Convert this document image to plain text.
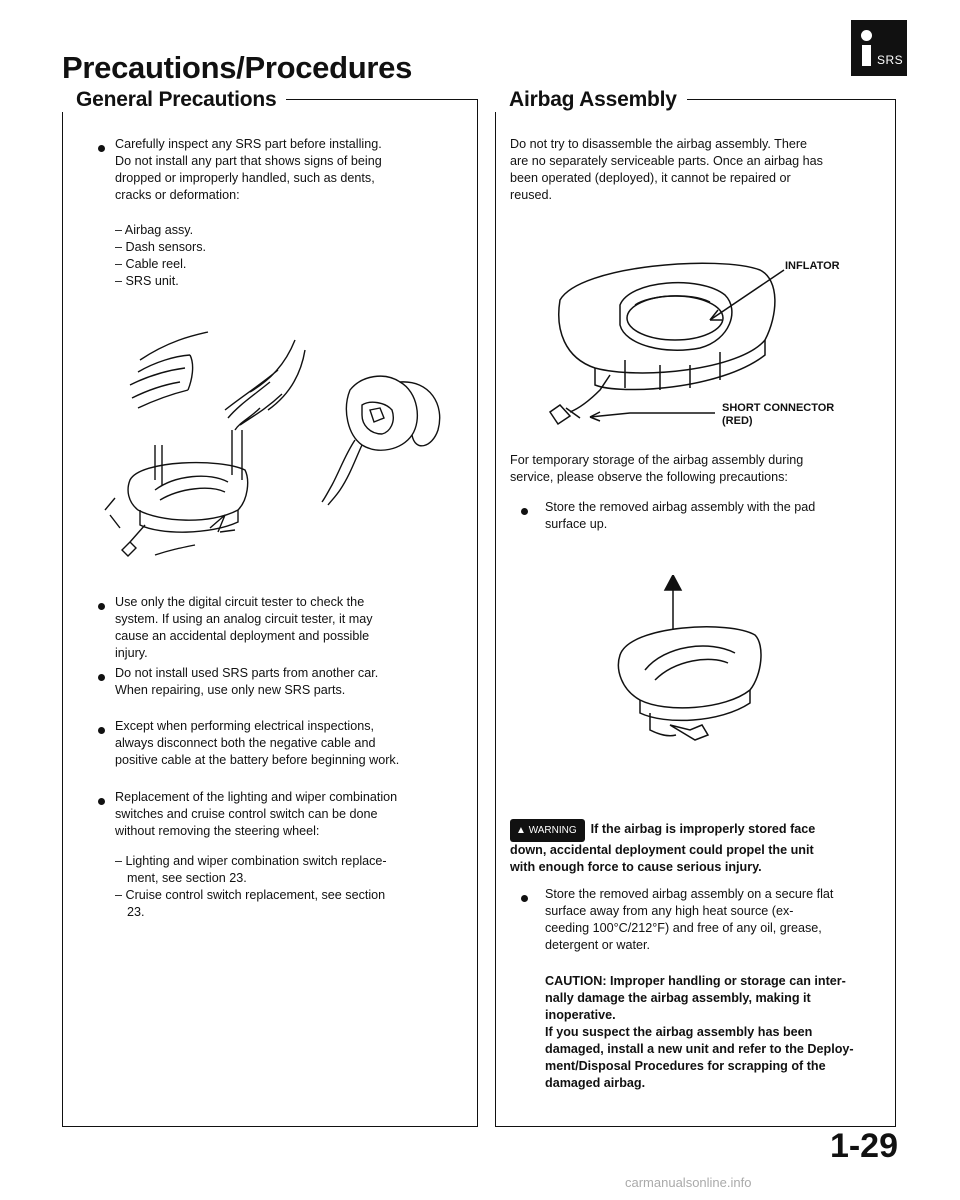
Precautions/Procedures	SRS
General Precautions	Airbag Assembly
Carefully inspect any SRS part before installing.
Do not install any part that shows signs of being
dropped or improperly handled, such as dents,
cracks or deformation:
– Airbag assy.
– Dash sensors.
– Cable reel.
– SRS unit.
Use only the digital circuit tester to check the
system. If using an analog circuit tester, it may
cause an accidental deployment and possible
injury.
Do not install used SRS parts from another car.
When repairing, use only new SRS parts.
Except when performing electrical inspections,
always disconnect both the negative cable and
positive cable at the battery before beginning work.
Replacement of the lighting and wiper combination
switches and cruise control switch can be done
without removing the steering wheel:
– Lighting and wiper combination switch replace-
ment, see section 23.
– Cruise control switch replacement, see section
23.
Do not try to disassemble the airbag assembly. There
are no separately serviceable parts. Once an airbag has
been operated (deployed), it cannot be repaired or
reused.
INFLATOR
SHORT CONNECTOR
(RED)
For temporary storage of the airbag assembly during
service, please observe the following precautions:
Store the removed airbag assembly with the pad
surface up.
▲ WARNING If the airbag is improperly stored face
down, accidental deployment could propel the unit
with enough force to cause serious injury.
Store the removed airbag assembly on a secure flat
surface away from any high heat source (ex-
ceeding 100°C/212°F) and free of any oil, grease,
detergent or water.
CAUTION: Improper handling or storage can inter-
nally damage the airbag assembly, making it
inoperative.
If you suspect the airbag assembly has been
damaged, install a new unit and refer to the Deploy-
ment/Disposal Procedures for scrapping of the
damaged airbag.
1-29
carmanualsonline.info
